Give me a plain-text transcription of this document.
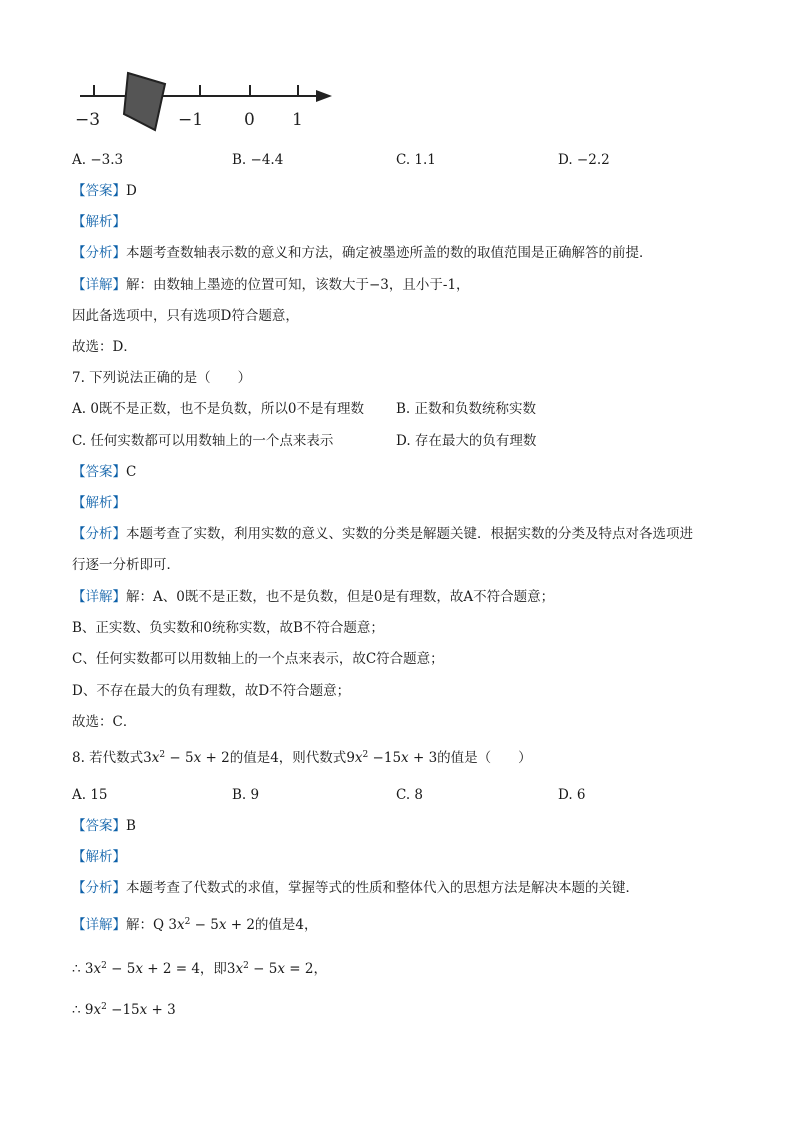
−3	−1 0 1
A. −3.3	B. −4.4	C. 1.1	D. −2.2
【答案】D
【解析】
【分析】本题考查数轴表示数的意义和方法，确定被墨迹所盖的数的取值范围是正确解答的前提．
【详解】解：由数轴上墨迹的位置可知，该数大于−3，且小于-1，
因此备选项中，只有选项D符合题意，
故选：D．
7. 下列说法正确的是（　　）
A. 0既不是正数，也不是负数，所以0不是有理数 B. 正数和负数统称实数
C. 任何实数都可以用数轴上的一个点来表示	D. 存在最大的负有理数
【答案】C
【解析】
【分析】本题考查了实数，利用实数的意义、实数的分类是解题关键．根据实数的分类及特点对各选项进
行逐一分析即可．
【详解】解：A、0既不是正数，也不是负数，但是0是有理数，故A不符合题意；
B、正实数、负实数和0统称实数，故B不符合题意；
C、任何实数都可以用数轴上的一个点来表示，故C符合题意；
D、不存在最大的负有理数，故D不符合题意；
故选：C．
8. 若代数式$3x^2 - 5x + 2$的值是4，则代数式$9x^2 -15x + 3$的值是（　　）
A. 15	B. 9	C. 8	D. 6
【答案】B
【解析】
【分析】本题考查了代数式的求值，掌握等式的性质和整体代入的思想方法是解决本题的关键．
【详解】解：Q $3x^2 - 5x + 2$的值是4，
∴ $3x^2 - 5x + 2 = 4$，即$3x^2 - 5x = 2$，
∴ $9x^2 -15x + 3$
